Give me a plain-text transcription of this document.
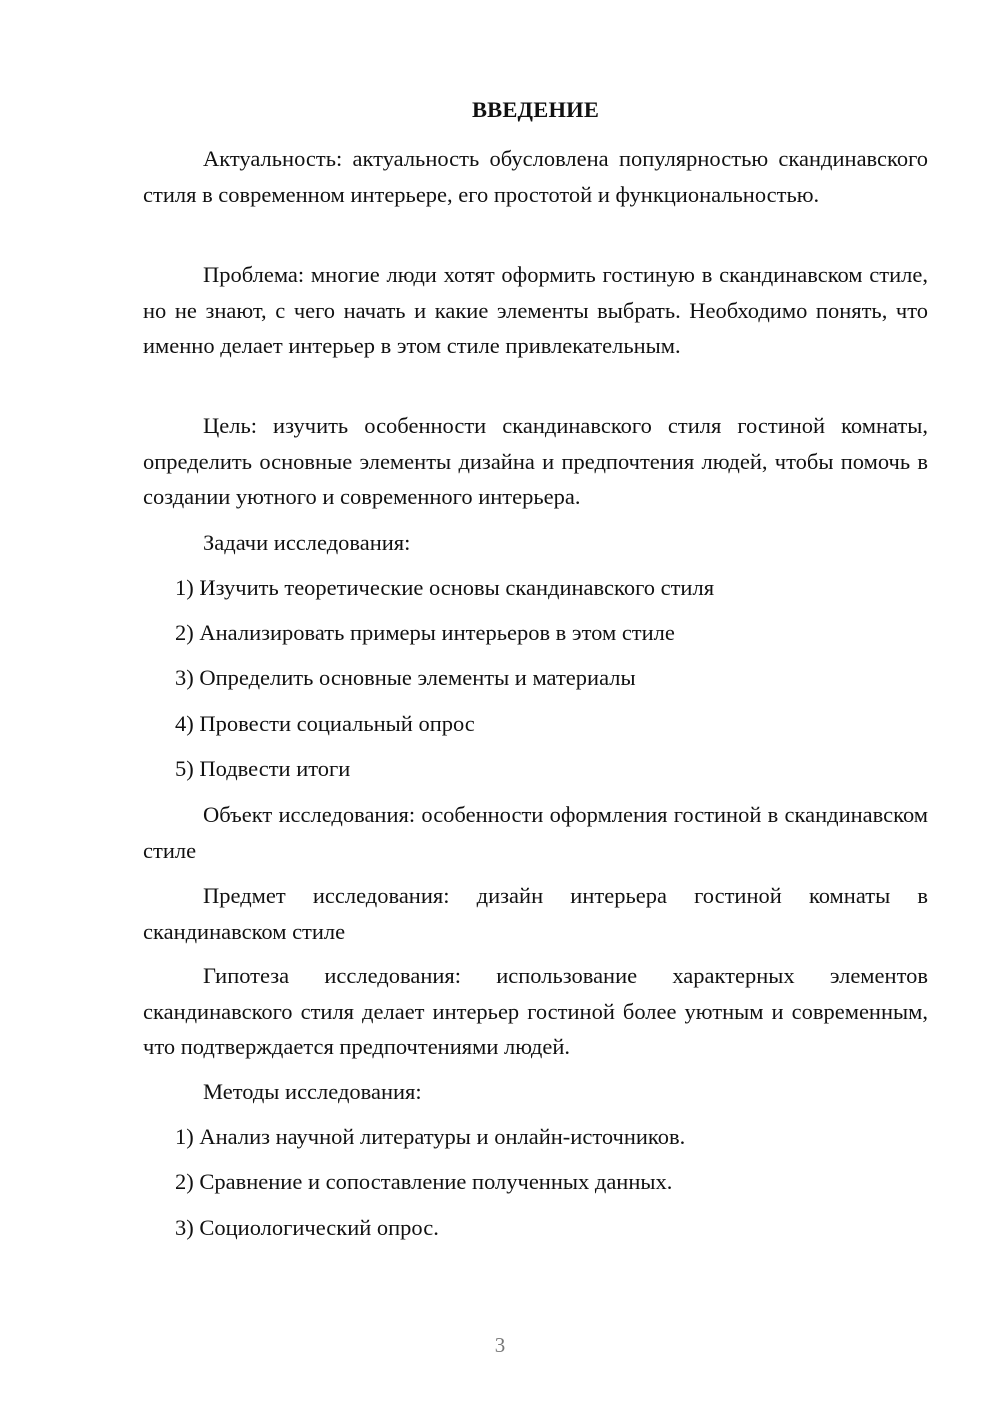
ВВЕДЕНИЕ

Актуальность: актуальность обусловлена популярностью скандинавского стиля в современном интерьере, его простотой и функциональностью.

Проблема: многие люди хотят оформить гостиную в скандинавском стиле, но не знают, с чего начать и какие элементы выбрать. Необходимо понять, что именно делает интерьер в этом стиле привлекательным.

Цель: изучить особенности скандинавского стиля гостиной комнаты, определить основные элементы дизайна и предпочтения людей, чтобы помочь в создании уютного и современного интерьера.

Задачи исследования:
1) Изучить теоретические основы скандинавского стиля
2) Анализировать примеры интерьеров в этом стиле
3) Определить основные элементы и материалы
4) Провести социальный опрос
5) Подвести итоги

Объект исследования: особенности оформления гостиной в скандинавском стиле

Предмет исследования: дизайн интерьера гостиной комнаты в скандинавском стиле

Гипотеза исследования: использование характерных элементов скандинавского стиля делает интерьер гостиной более уютным и современным, что подтверждается предпочтениями людей.

Методы исследования:
1) Анализ научной литературы и онлайн-источников.
2) Сравнение и сопоставление полученных данных.
3) Социологический опрос.
3
